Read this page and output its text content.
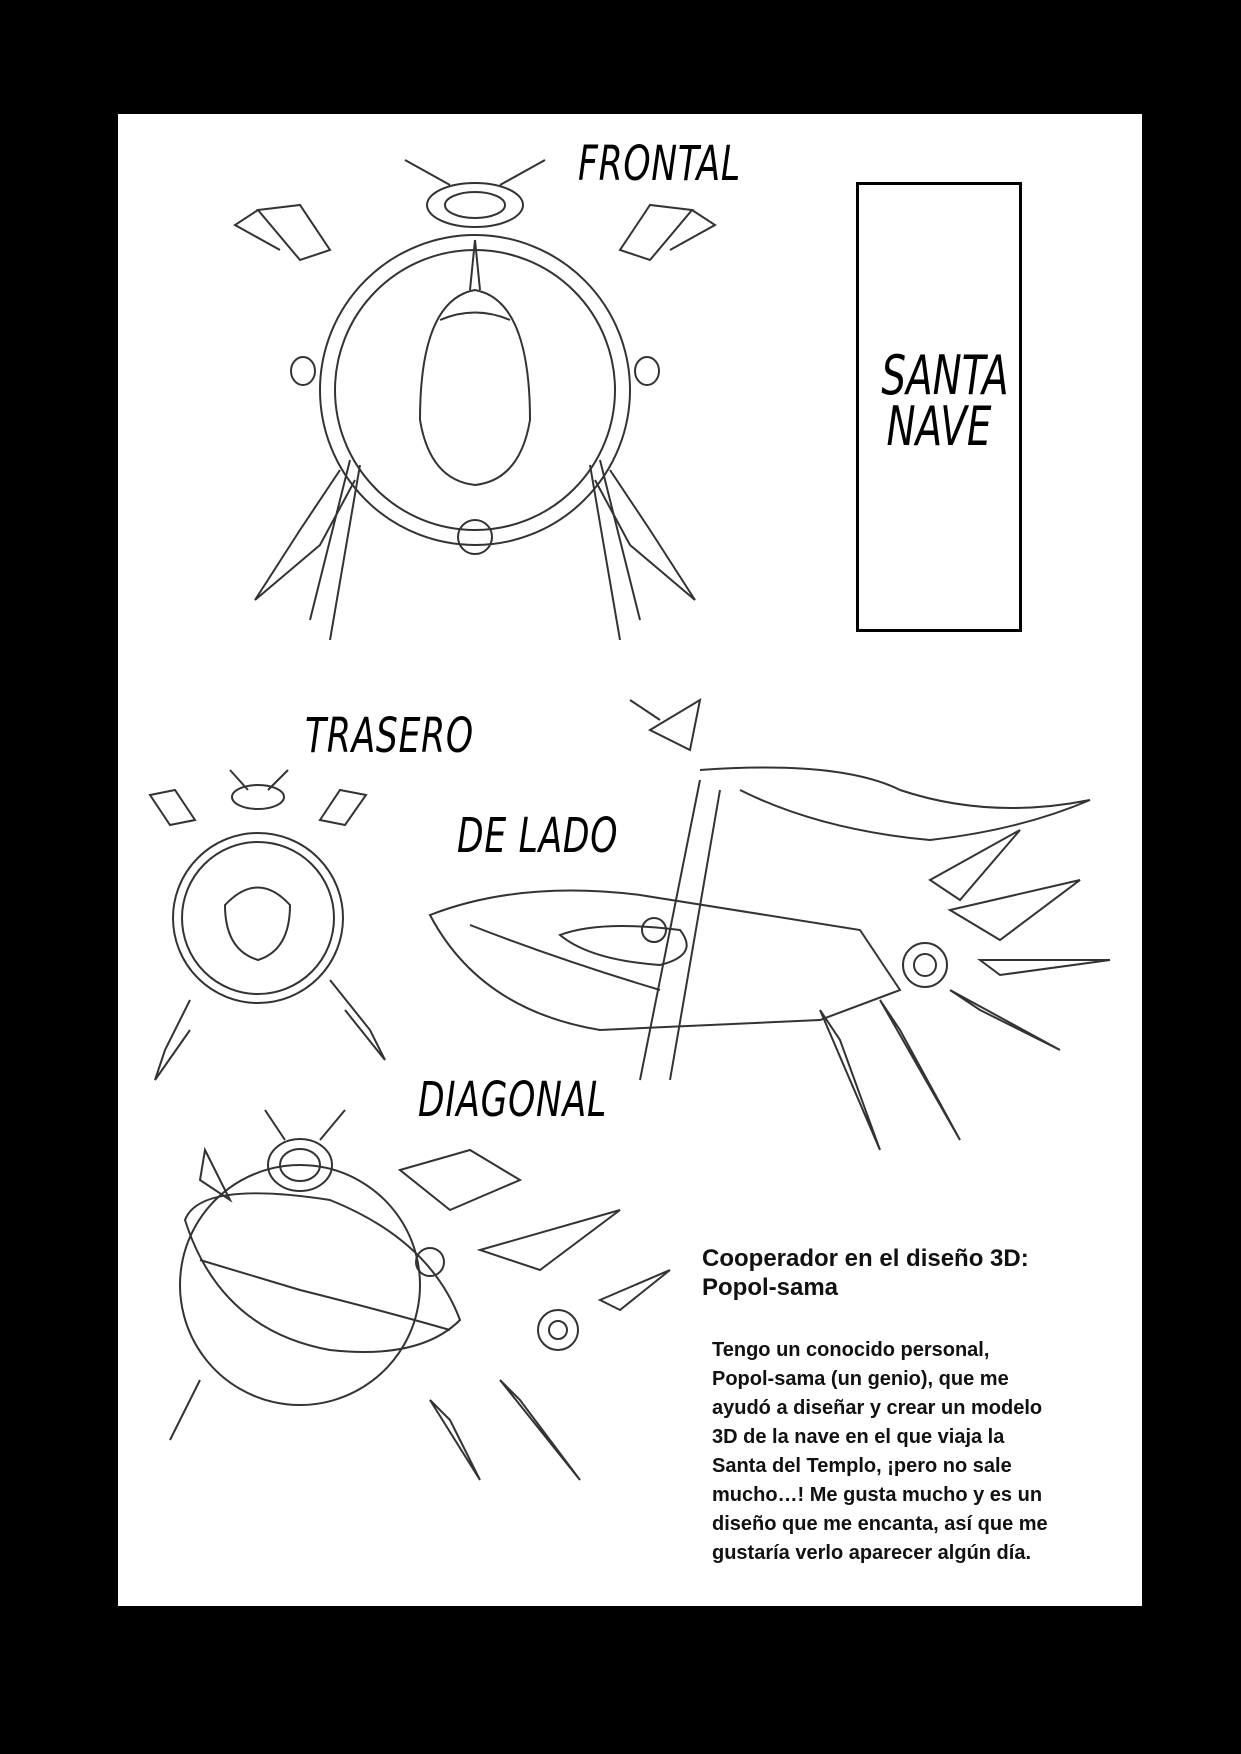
FRONTAL
TRASERO
DE LADO
DIAGONAL
SANTA
NAVE
Cooperador en el diseño 3D:
Popol-sama
Tengo un conocido personal,
Popol-sama (un genio), que me
ayudó a diseñar y crear un modelo
3D de la nave en el que viaja la
Santa del Templo, ¡pero no sale
mucho…! Me gusta mucho y es un
diseño que me encanta, así que me
gustaría verlo aparecer algún día.
